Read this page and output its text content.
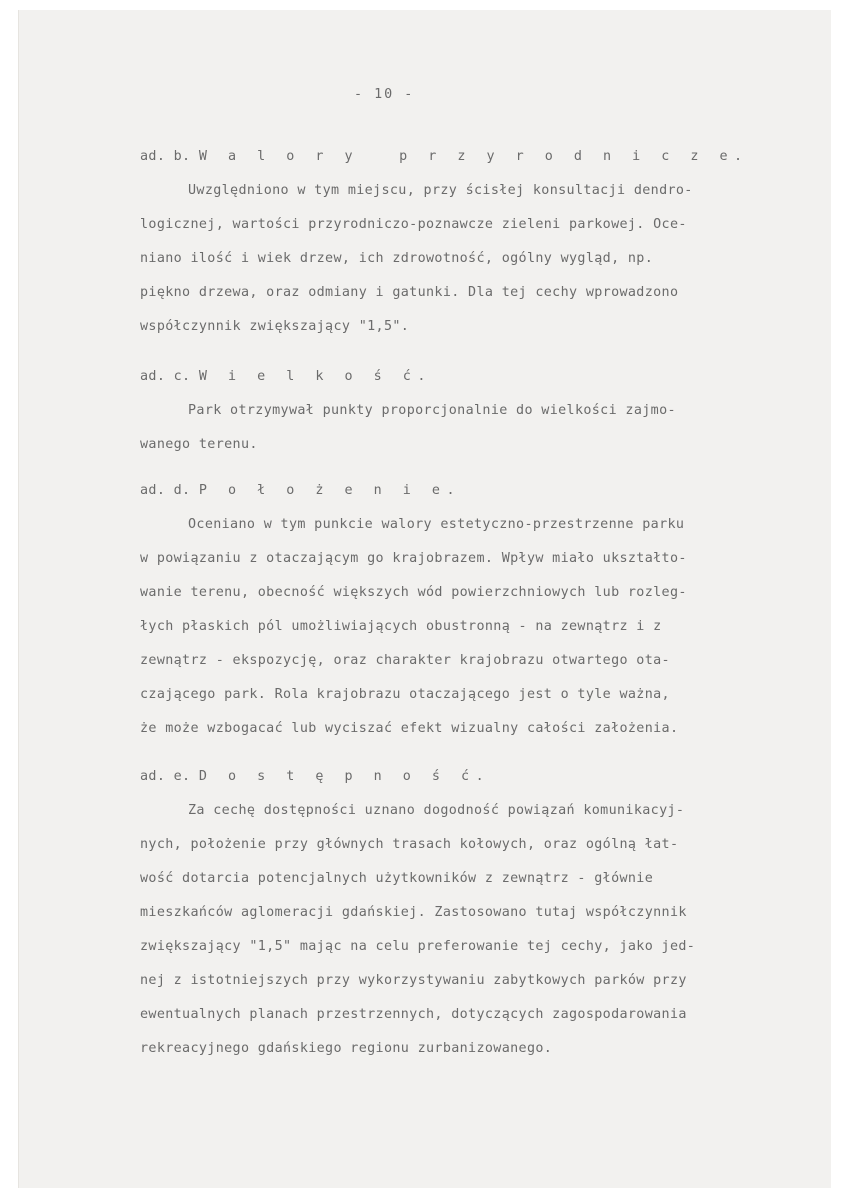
- 10 -
ad. b. W a l o r y	p r z y r o d n i c z e.
Uwzględniono w tym miejscu, przy ścisłej konsultacji dendro-
logicznej, wartości przyrodniczo-poznawcze zieleni parkowej. Oce-
niano ilość i wiek drzew, ich zdrowotność, ogólny wygląd, np.
piękno drzewa, oraz odmiany i gatunki. Dla tej cechy wprowadzono
współczynnik zwiększający "1,5".
ad. c. W i e l k o ś ć.
Park otrzymywał punkty proporcjonalnie do wielkości zajmo-
wanego terenu.
ad. d. P o ł o ż e n i e.
Oceniano w tym punkcie walory estetyczno-przestrzenne parku
w powiązaniu z otaczającym go krajobrazem. Wpływ miało ukształto-
wanie terenu, obecność większych wód powierzchniowych lub rozleg-
łych płaskich pól umożliwiających obustronną - na zewnątrz i z
zewnątrz - ekspozycję, oraz charakter krajobrazu otwartego ota-
czającego park. Rola krajobrazu otaczającego jest o tyle ważna,
że może wzbogacać lub wyciszać efekt wizualny całości założenia.
ad. e. D o s t ę p n o ś ć.
Za cechę dostępności uznano dogodność powiązań komunikacyj-
nych, położenie przy głównych trasach kołowych, oraz ogólną łat-
wość dotarcia potencjalnych użytkowników z zewnątrz - głównie
mieszkańców aglomeracji gdańskiej. Zastosowano tutaj współczynnik
zwiększający "1,5" mając na celu preferowanie tej cechy, jako jed-
nej z istotniejszych przy wykorzystywaniu zabytkowych parków przy
ewentualnych planach przestrzennych, dotyczących zagospodarowania
rekreacyjnego gdańskiego regionu zurbanizowanego.
